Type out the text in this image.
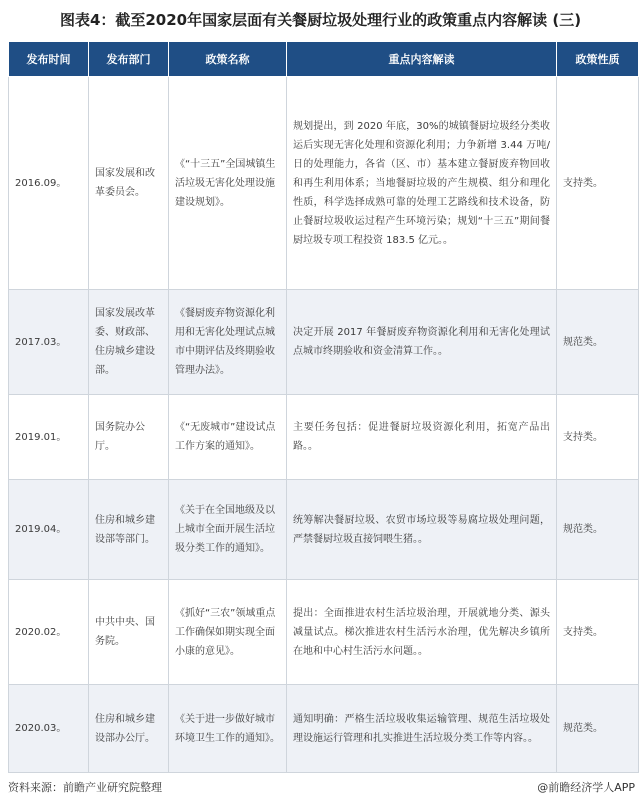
图表4：截至2020年国家层面有关餐厨垃圾处理行业的政策重点内容解读 (三)
发布时间	发布部门	政策名称	重点内容解读	政策性质
2016.09。	国家发展和改革委员会。	《“十三五”全国城镇生活垃圾无害化处理设施建设规划》。	规划提出，到 2020 年底，30%的城镇餐厨垃圾经分类收运后实现无害化处理和资源化利用；力争新增 3.44 万吨/日的处理能力，各省（区、市）基本建立餐厨废弃物回收和再生利用体系；当地餐厨垃圾的产生规模、组分和理化性质，科学选择成熟可靠的处理工艺路线和技术设备，防止餐厨垃圾收运过程产生环境污染；规划“十三五”期间餐厨垃圾专项工程投资 183.5 亿元。。	支持类。
2017.03。	国家发展改革委、财政部、住房城乡建设部。	《餐厨废弃物资源化利用和无害化处理试点城市中期评估及终期验收管理办法》。	决定开展 2017 年餐厨废弃物资源化利用和无害化处理试点城市终期验收和资金清算工作。。	规范类。
2019.01。	国务院办公厅。	《“无废城市”建设试点工作方案的通知》。	主要任务包括：促进餐厨垃圾资源化利用，拓宽产品出路。。	支持类。
2019.04。	住房和城乡建设部等部门。	《关于在全国地级及以上城市全面开展生活垃圾分类工作的通知》。	统筹解决餐厨垃圾、农贸市场垃圾等易腐垃圾处理问题，严禁餐厨垃圾直接饲喂生猪。。	规范类。
2020.02。	中共中央、国务院。	《抓好“三农”领域重点工作确保如期实现全面小康的意见》。	提出：全面推进农村生活垃圾治理，开展就地分类、源头减量试点。梯次推进农村生活污水治理，优先解决乡镇所在地和中心村生活污水问题。。	支持类。
2020.03。	住房和城乡建设部办公厅。	《关于进一步做好城市环境卫生工作的通知》。	通知明确：严格生活垃圾收集运输管理、规范生活垃圾处理设施运行管理和扎实推进生活垃圾分类工作等内容。。	规范类。
资料来源：前瞻产业研究院整理	@前瞻经济学人APP
